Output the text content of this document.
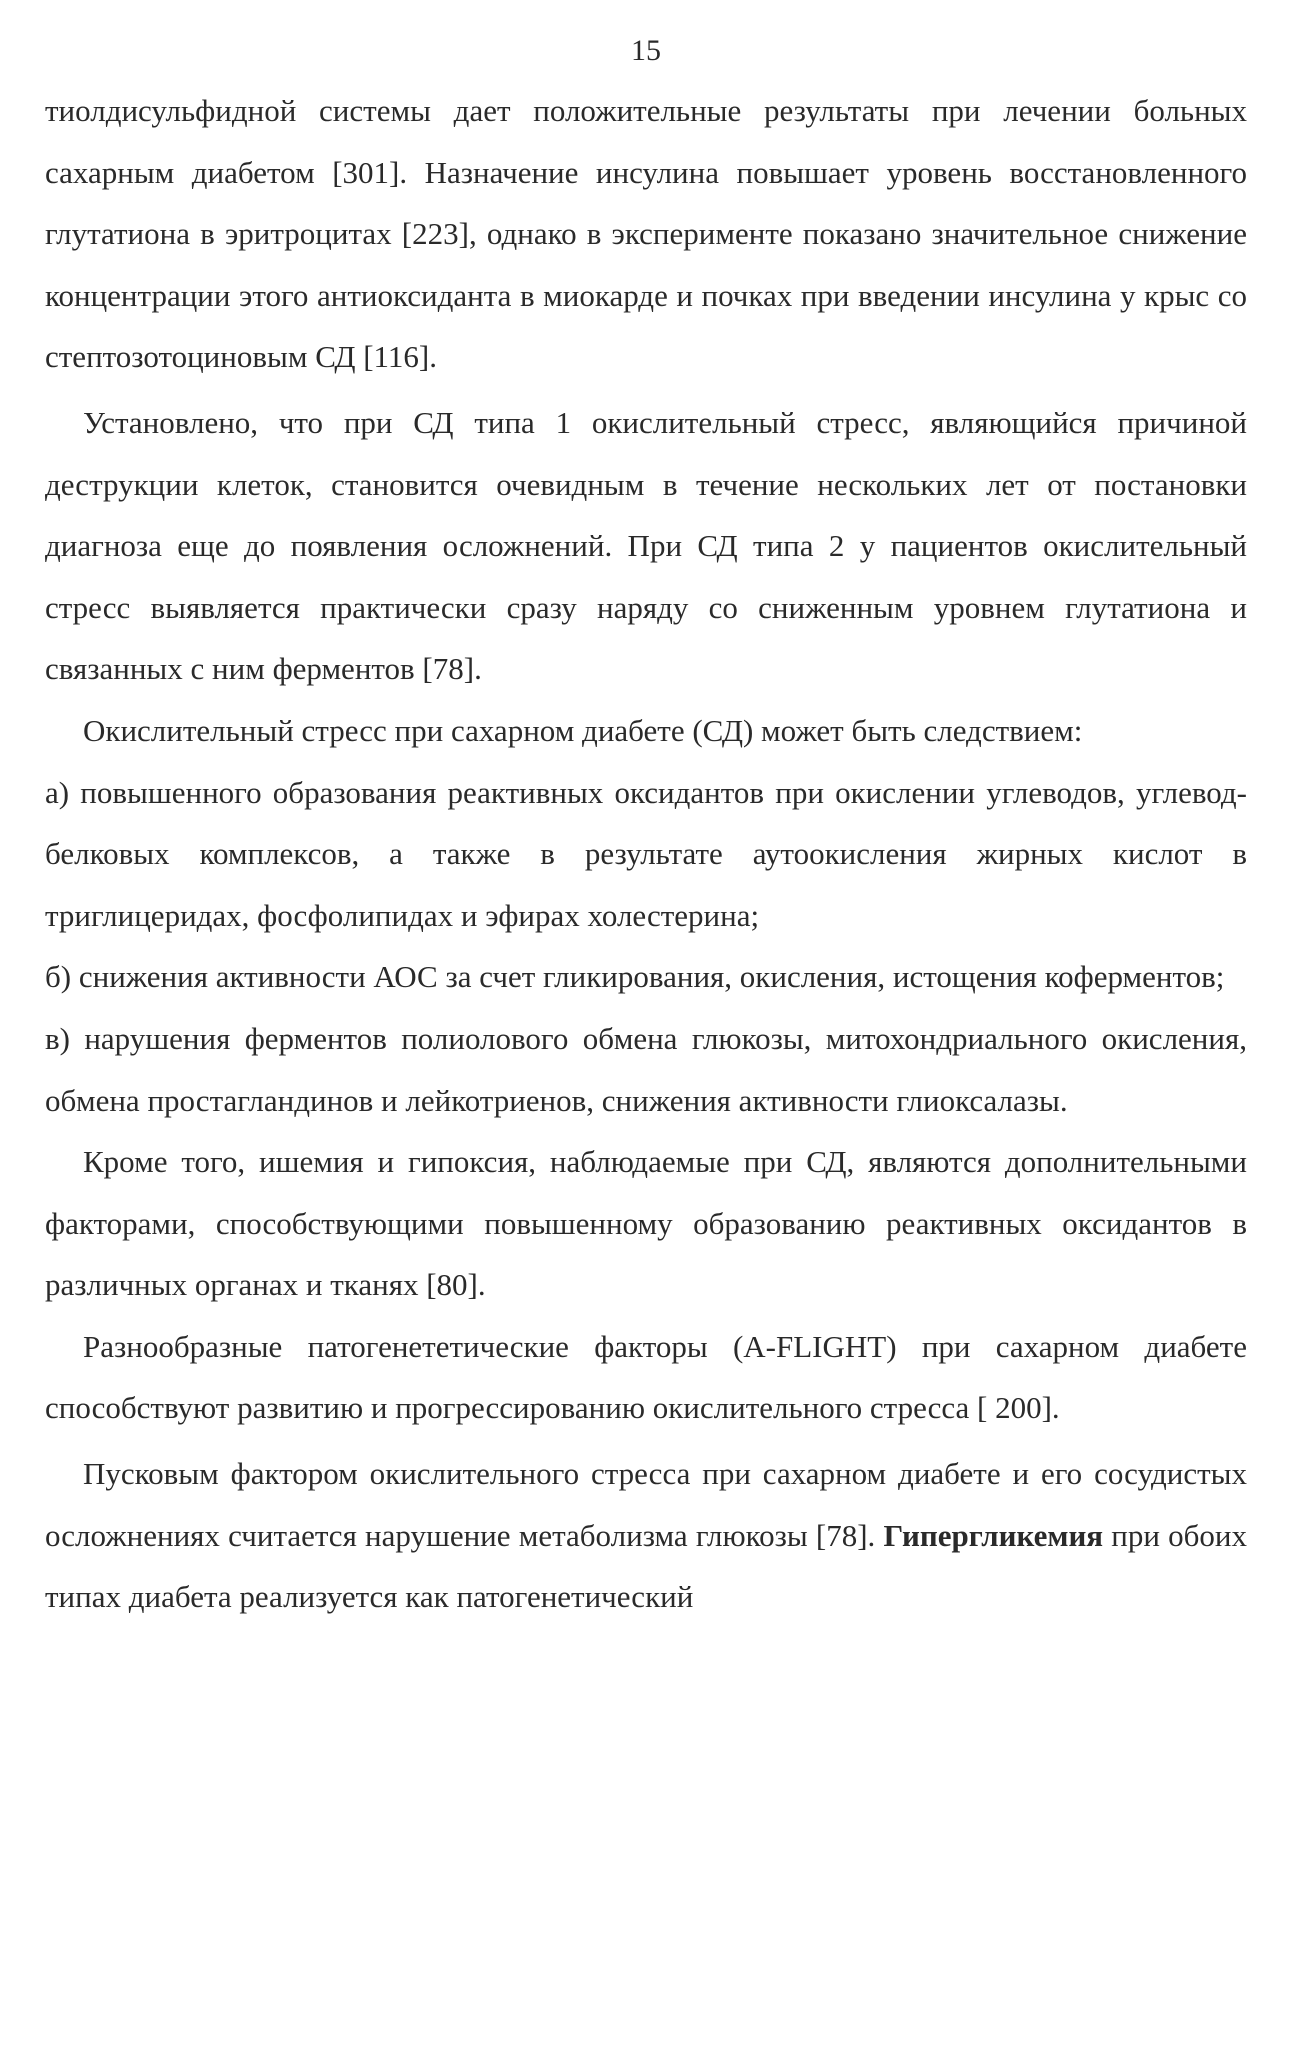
15

тиолдисульфидной системы дает положительные результаты при лечении больных сахарным диабетом [301]. Назначение инсулина повышает уровень восстановленного глутатиона в эритроцитах [223], однако в эксперименте показано значительное снижение концентрации этого антиоксиданта в миокарде и почках при введении инсулина у крыс со стептозотоциновым СД [116].

Установлено, что при СД типа 1 окислительный стресс, являющийся причиной деструкции клеток, становится очевидным в течение нескольких лет от постановки диагноза еще до появления осложнений. При СД типа 2 у пациентов окислительный стресс выявляется практически сразу наряду со сниженным уровнем глутатиона и связанных с ним ферментов [78].

Окислительный стресс при сахарном диабете (СД) может быть следствием:

а) повышенного образования реактивных оксидантов при окислении углеводов, углевод-белковых комплексов, а также в результате аутоокисления жирных кислот в триглицеридах, фосфолипидах и эфирах холестерина;

б) снижения активности АОС за счет гликирования, окисления, истощения коферментов;

в) нарушения ферментов полиолового обмена глюкозы, митохондриального окисления, обмена простагландинов и лейкотриенов, снижения активности глиоксалазы.

Кроме того, ишемия и гипоксия, наблюдаемые при СД, являются дополнительными факторами, способствующими повышенному образованию реактивных оксидантов в различных органах и тканях [80].

Разнообразные патогенететические факторы (A-FLIGHT) при сахарном диабете способствуют развитию и прогрессированию окислительного стресса [ 200].

Пусковым фактором окислительного стресса при сахарном диабете и его сосудистых осложнениях считается нарушение метаболизма глюкозы [78]. Гипергликемия при обоих типах диабета реализуется как патогенетический
